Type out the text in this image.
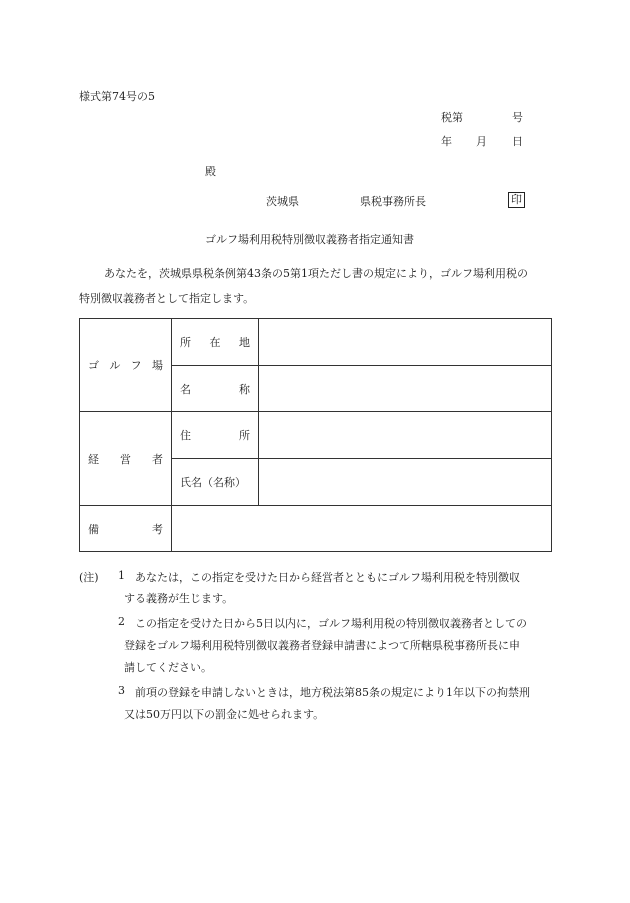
様式第74号の5
税第	号
年 月 日
殿
茨城県	県税事務所長	印
ゴルフ場利用税特別徴収義務者指定通知書
あなたを，茨城県県税条例第43条の5第1項ただし書の規定により，ゴルフ場利用税の
特別徴収義務者として指定します。
ゴ ル フ 場	所 在 地	

	名 称	

経 営 者	住 所	

	氏名（名称）	

備 考		

(注) 1 あなたは，この指定を受けた日から経営者とともにゴルフ場利用税を特別徴収
する義務が生じます。
2 この指定を受けた日から5日以内に，ゴルフ場利用税の特別徴収義務者としての
登録をゴルフ場利用税特別徴収義務者登録申請書によつて所轄県税事務所長に申
請してください。
3 前項の登録を申請しないときは，地方税法第85条の規定により1年以下の拘禁刑
又は50万円以下の罰金に処せられます。
